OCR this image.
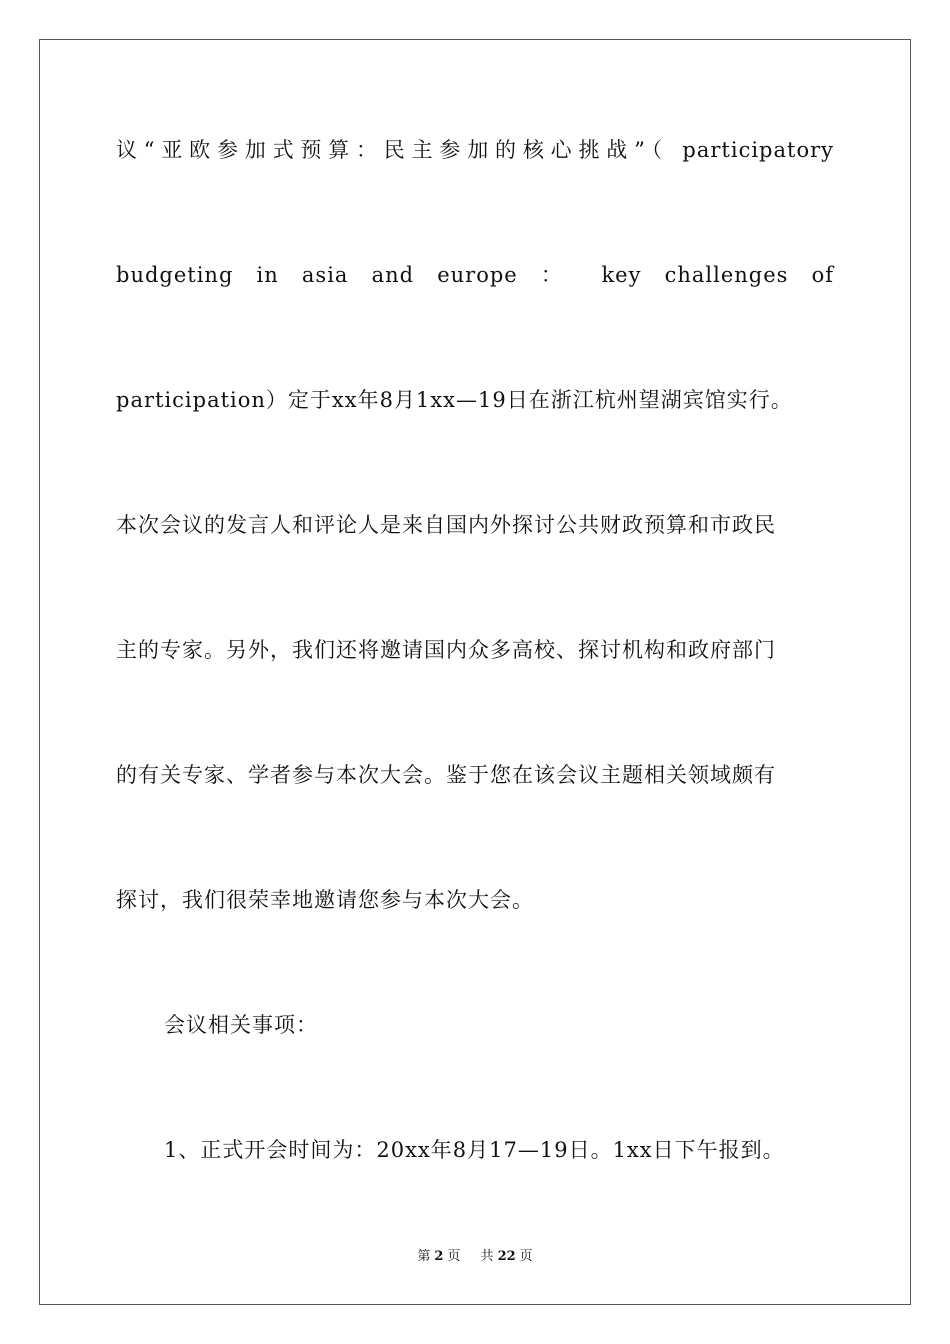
议“亚欧参加式预算：民主参加的核心挑战”（ participatory
budgeting in asia and europe ： key challenges of
participation）定于xx年8月1xx—19日在浙江杭州望湖宾馆实行。
本次会议的发言人和评论人是来自国内外探讨公共财政预算和市政民
主的专家。另外，我们还将邀请国内众多高校、探讨机构和政府部门
的有关专家、学者参与本次大会。鉴于您在该会议主题相关领域颇有
探讨，我们很荣幸地邀请您参与本次大会。
会议相关事项：
1、正式开会时间为：20xx年8月17—19日。1xx日下午报到。
第 2 页 共 22 页
